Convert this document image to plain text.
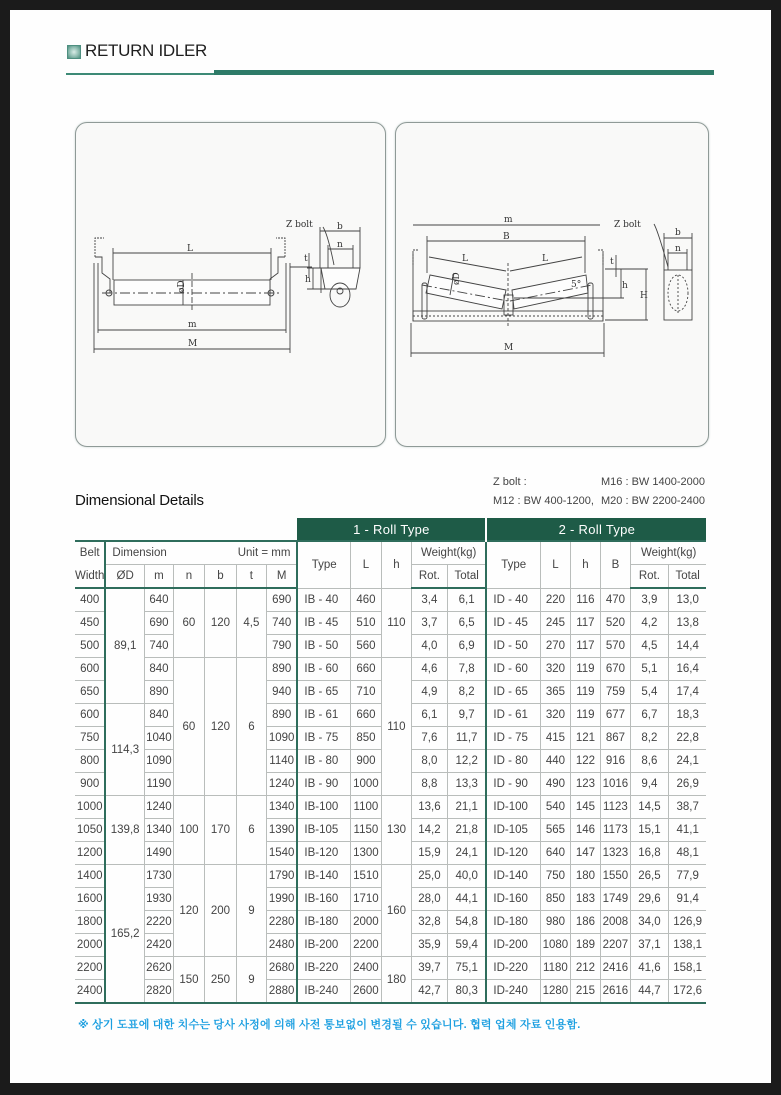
RETURN IDLER
L
øD
m
M
Z bolt	b
n
t
h
m
B
L	L
øD	5°
M
Z bolt
b
n
t
h
H
Z bolt :	M16 : BW 1400-2000
M12 : BW 400-1200, M20 : BW 2200-2400
Dimensional Details
							1 - Roll Type					2 - Roll Type					
Belt	Dimension			Unit = mm			Type	L	h	Weight(kg)		Type	L	h	B	Weight(kg)	
Width	ØD	m	n	b	t	M				Rot.	Total					Rot.	Total
400	89,1	640	60	120	4,5	690	IB - 40	460	110	3,4	6,1	ID - 40	220	116	470	3,9	13,0
450		690				740	IB - 45	510		3,7	6,5	ID - 45	245	117	520	4,2	13,8
500		740				790	IB - 50	560		4,0	6,9	ID - 50	270	117	570	4,5	14,4
600		840	60	120	6	890	IB - 60	660	110	4,6	7,8	ID - 60	320	119	670	5,1	16,4
650		890				940	IB - 65	710		4,9	8,2	ID - 65	365	119	759	5,4	17,4
600	114,3	840				890	IB - 61	660		6,1	9,7	ID - 61	320	119	677	6,7	18,3
750		1040				1090	IB - 75	850		7,6	11,7	ID - 75	415	121	867	8,2	22,8
800		1090				1140	IB - 80	900		8,0	12,2	ID - 80	440	122	916	8,6	24,1
900		1190				1240	IB - 90	1000		8,8	13,3	ID - 90	490	123	1016	9,4	26,9
1000	139,8	1240	100	170	6	1340	IB-100	1100	130	13,6	21,1	ID-100	540	145	1123	14,5	38,7
1050		1340				1390	IB-105	1150		14,2	21,8	ID-105	565	146	1173	15,1	41,1
1200		1490				1540	IB-120	1300		15,9	24,1	ID-120	640	147	1323	16,8	48,1
1400	165,2	1730	120	200	9	1790	IB-140	1510	160	25,0	40,0	ID-140	750	180	1550	26,5	77,9
1600		1930				1990	IB-160	1710		28,0	44,1	ID-160	850	183	1749	29,6	91,4
1800		2220				2280	IB-180	2000		32,8	54,8	ID-180	980	186	2008	34,0	126,9
2000		2420				2480	IB-200	2200		35,9	59,4	ID-200	1080	189	2207	37,1	138,1
2200		2620	150	250	9	2680	IB-220	2400	180	39,7	75,1	ID-220	1180	212	2416	41,6	158,1
2400		2820				2880	IB-240	2600		42,7	80,3	ID-240	1280	215	2616	44,7	172,6
※ 상기 도표에 대한 치수는 당사 사정에 의해 사전 통보없이 변경될 수 있습니다. 협력 업체 자료 인용함.
